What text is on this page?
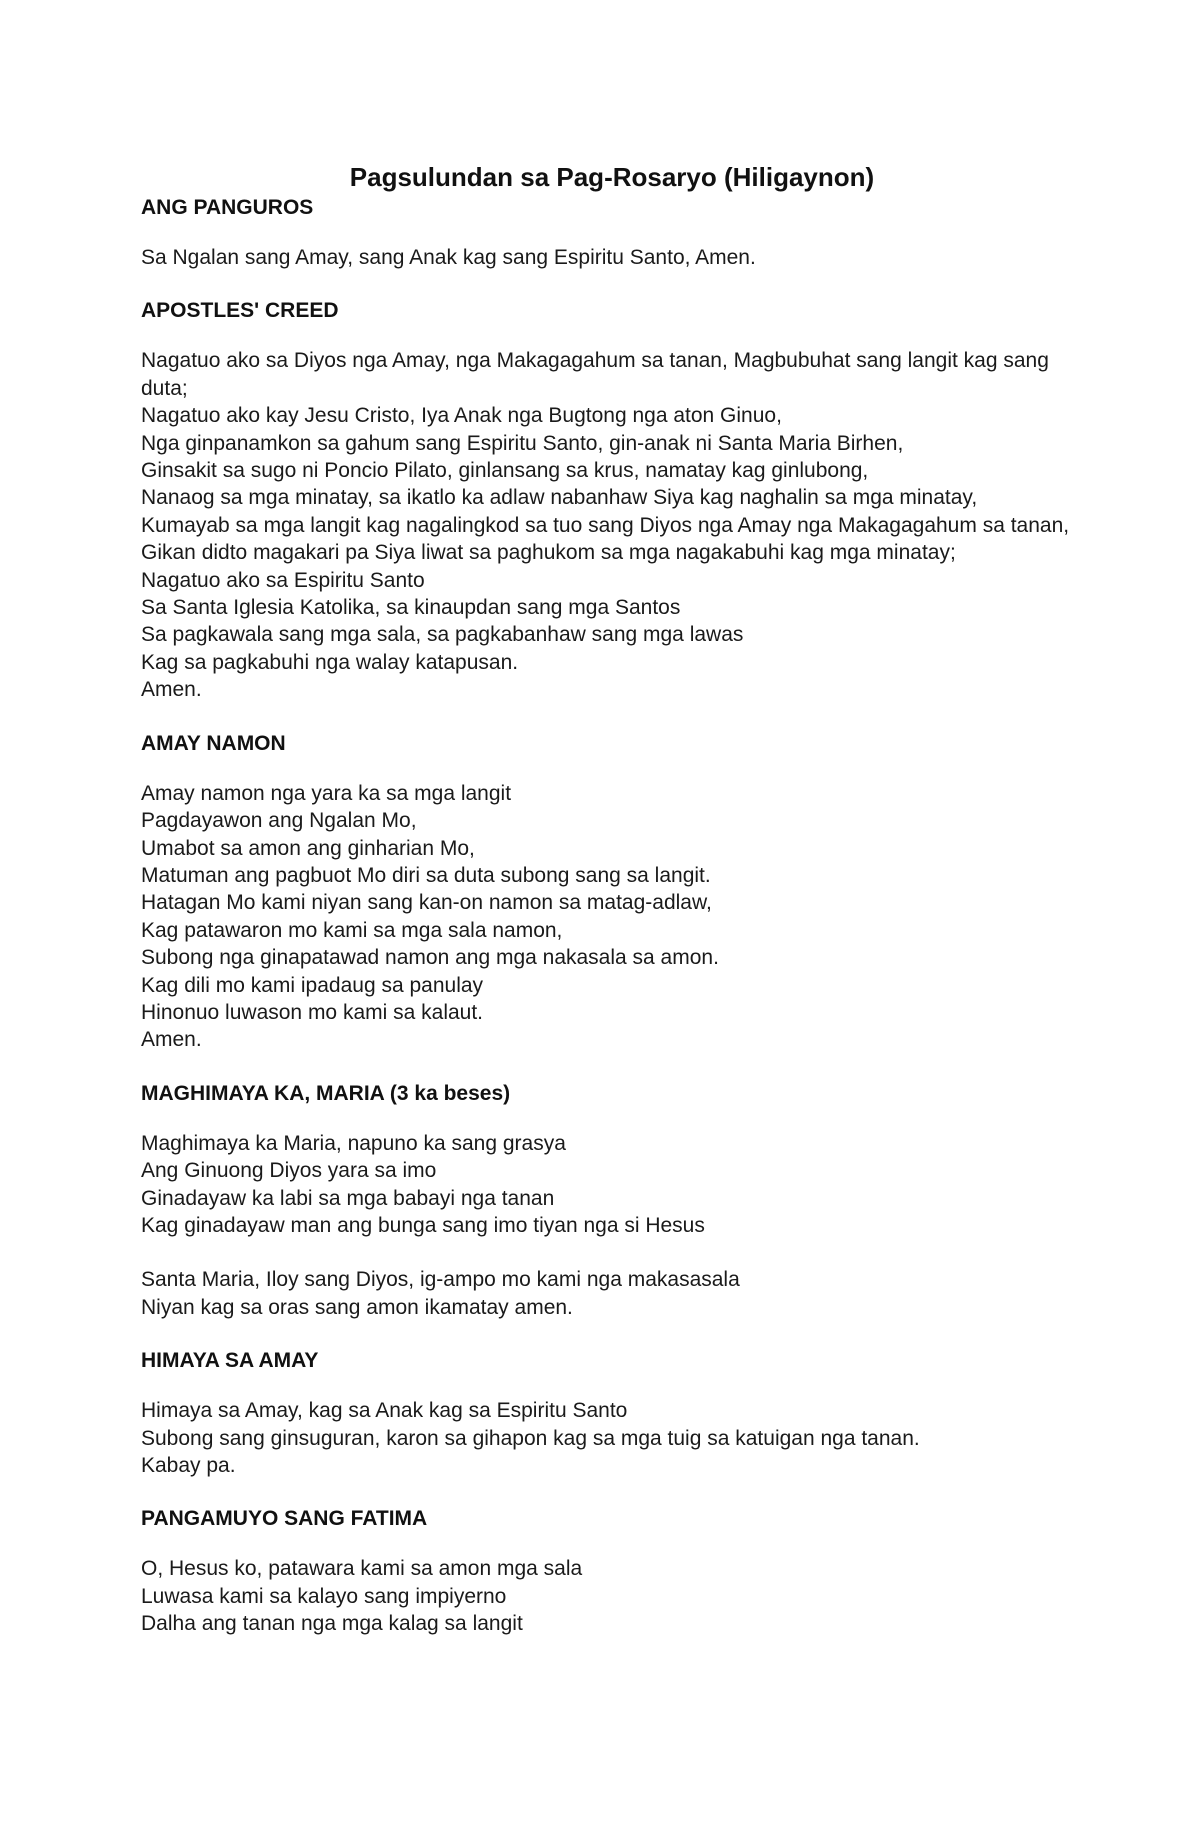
Pagsulundan sa Pag-Rosaryo (Hiligaynon)
ANG PANGUROS

Sa Ngalan sang Amay, sang Anak kag sang Espiritu Santo, Amen.

APOSTLES' CREED

Nagatuo ako sa Diyos nga Amay, nga Makagagahum sa tanan, Magbubuhat sang langit kag sang duta;
Nagatuo ako kay Jesu Cristo, Iya Anak nga Bugtong nga aton Ginuo,
Nga ginpanamkon sa gahum sang Espiritu Santo, gin-anak ni Santa Maria Birhen,
Ginsakit sa sugo ni Poncio Pilato, ginlansang sa krus, namatay kag ginlubong,
Nanaog sa mga minatay, sa ikatlo ka adlaw nabanhaw Siya kag naghalin sa mga minatay,
Kumayab sa mga langit kag nagalingkod sa tuo sang Diyos nga Amay nga Makagagahum sa tanan,
Gikan didto magakari pa Siya liwat sa paghukom sa mga nagakabuhi kag mga minatay;
Nagatuo ako sa Espiritu Santo
Sa Santa Iglesia Katolika, sa kinaupdan sang mga Santos
Sa pagkawala sang mga sala, sa pagkabanhaw sang mga lawas
Kag sa pagkabuhi nga walay katapusan.
Amen.

AMAY NAMON

Amay namon nga yara ka sa mga langit
Pagdayawon ang Ngalan Mo,
Umabot sa amon ang ginharian Mo,
Matuman ang pagbuot Mo diri sa duta subong sang sa langit.
Hatagan Mo kami niyan sang kan-on namon sa matag-adlaw,
Kag patawaron mo kami sa mga sala namon,
Subong nga ginapatawad namon ang mga nakasala sa amon.
Kag dili mo kami ipadaug sa panulay
Hinonuo luwason mo kami sa kalaut.
Amen.

MAGHIMAYA KA, MARIA (3 ka beses)

Maghimaya ka Maria, napuno ka sang grasya
Ang Ginuong Diyos yara sa imo
Ginadayaw ka labi sa mga babayi nga tanan
Kag ginadayaw man ang bunga sang imo tiyan nga si Hesus

Santa Maria, Iloy sang Diyos, ig-ampo mo kami nga makasasala
Niyan kag sa oras sang amon ikamatay amen.

HIMAYA SA AMAY

Himaya sa Amay, kag sa Anak kag sa Espiritu Santo
Subong sang ginsuguran, karon sa gihapon kag sa mga tuig sa katuigan nga tanan.
Kabay pa.

PANGAMUYO SANG FATIMA

O, Hesus ko, patawara kami sa amon mga sala
Luwasa kami sa kalayo sang impiyerno
Dalha ang tanan nga mga kalag sa langit
